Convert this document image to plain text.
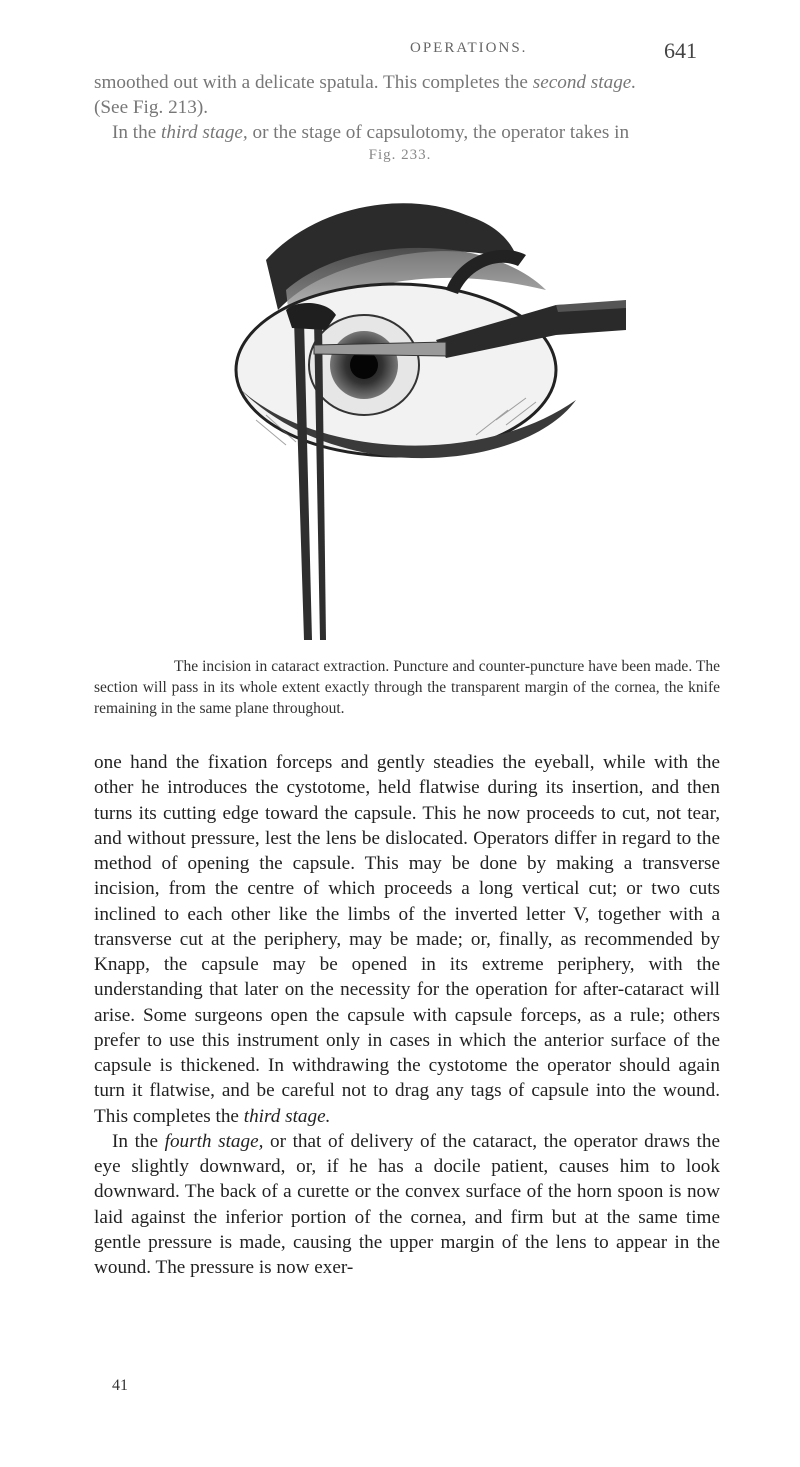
OPERATIONS.	641
smoothed out with a delicate spatula. This completes the second stage.
(See Fig. 213).
In the third stage, or the stage of capsulotomy, the operator takes in
Fig. 233.
The incision in cataract extraction. Puncture and counter-puncture have been made. The section will pass in its whole extent exactly through the transparent margin of the cornea, the knife remaining in the same plane throughout.
one hand the fixation forceps and gently steadies the eyeball, while with the other he introduces the cystotome, held flatwise during its insertion, and then turns its cutting edge toward the capsule. This he now proceeds to cut, not tear, and without pressure, lest the lens be dislocated. Operators differ in regard to the method of opening the capsule. This may be done by making a transverse incision, from the centre of which proceeds a long vertical cut; or two cuts inclined to each other like the limbs of the inverted letter V, together with a transverse cut at the periphery, may be made; or, finally, as recommended by Knapp, the capsule may be opened in its extreme periphery, with the understanding that later on the necessity for the operation for after-cataract will arise. Some surgeons open the capsule with capsule forceps, as a rule; others prefer to use this instrument only in cases in which the anterior surface of the capsule is thickened. In withdrawing the cystotome the operator should again turn it flatwise, and be careful not to drag any tags of capsule into the wound. This completes the third stage.
In the fourth stage, or that of delivery of the cataract, the operator draws the eye slightly downward, or, if he has a docile patient, causes him to look downward. The back of a curette or the convex surface of the horn spoon is now laid against the inferior portion of the cornea, and firm but at the same time gentle pressure is made, causing the upper margin of the lens to appear in the wound. The pressure is now exer-
41
